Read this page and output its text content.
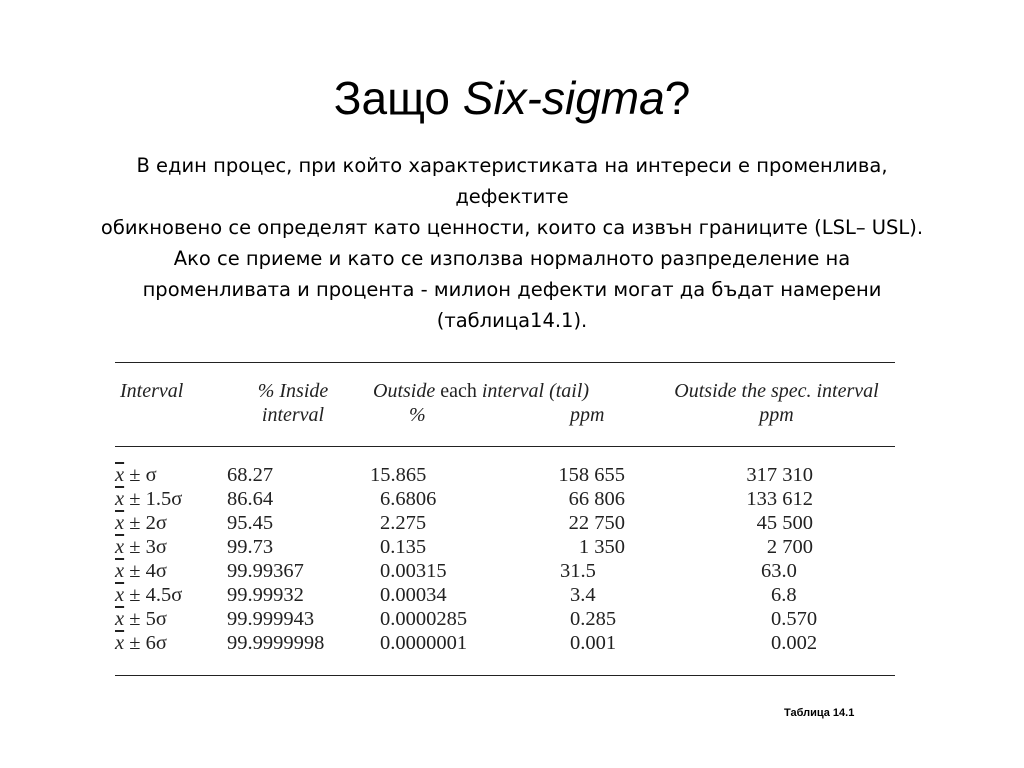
Защо Six-sigma?
В един процес, при който характеристиката на интереси е променлива,
дефектите
обикновено се определят като ценности, които са извън границите (LSL– USL).
Ако се приеме и като се използва нормалното разпределение на
променливата и процента - милион дефекти могат да бъдат намерени
(таблица14.1).
Interval	% Inside
interval
Outside each interval (tail)
%	ppm
Outside the spec. interval
ppm
$\overline{x} \pm \sigma$	68.27	15.865	158 655	317 310
$\overline{x} \pm 1.5\sigma$ 86.64	6.6806	66 806	133 612
$\overline{x} \pm 2\sigma$	95.45	2.275	22 750	45 500
$\overline{x} \pm 3\sigma$	99.73	0.135	1 350	2 700
$\overline{x} \pm 4\sigma$	99.99367	0.00315	31.5	63.0
$\overline{x} \pm 4.5\sigma$ 99.99932	0.00034	3.4	6.8
$\overline{x} \pm 5\sigma$	99.999943	0.0000285	0.285	0.570
$\overline{x} \pm 6\sigma$	99.9999998	0.0000001	0.001	0.002
Таблица 14.1
